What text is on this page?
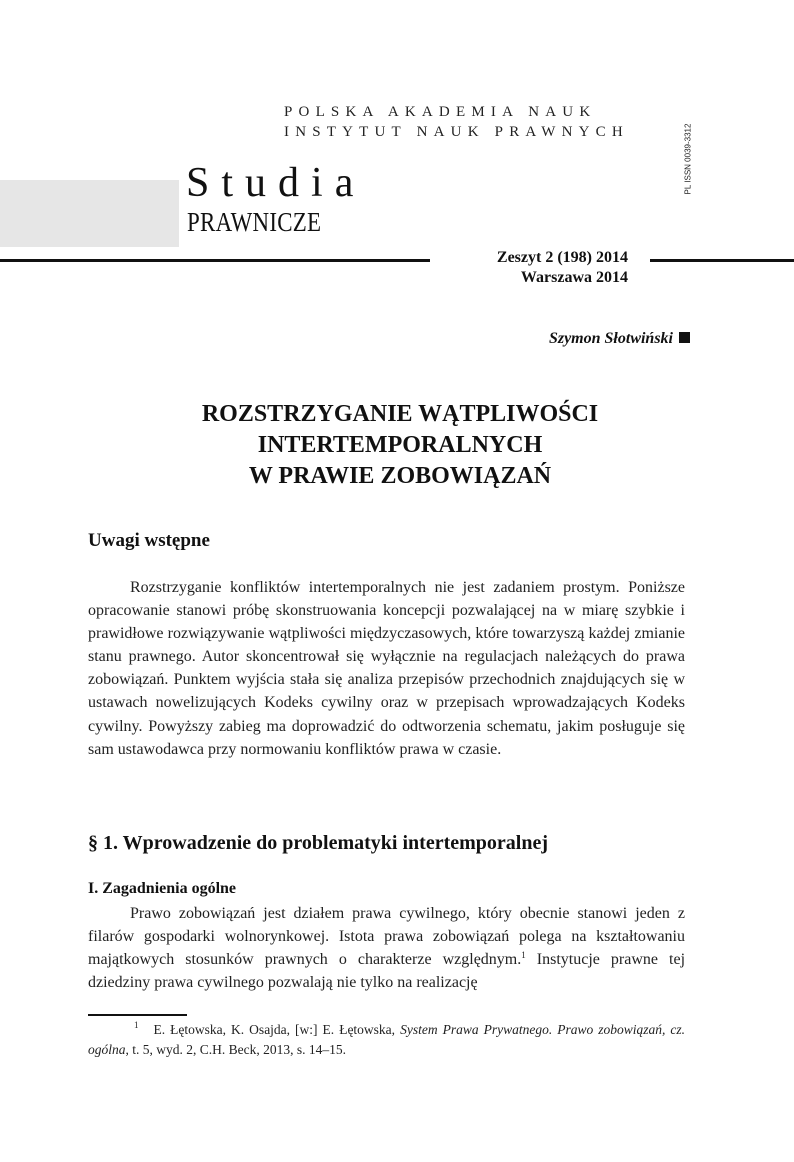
POLSKA AKADEMIA NAUK
INSTYTUT NAUK PRAWNYCH	PL ISSN 0039-3312
Studia
PRAWNICZE
Zeszyt 2 (198) 2014
Warszawa 2014
Szymon Słotwiński
ROZSTRZYGANIE WĄTPLIWOŚCI
INTERTEMPORALNYCH
W PRAWIE ZOBOWIĄZAŃ
Uwagi wstępne

Rozstrzyganie konfliktów intertemporalnych nie jest zadaniem prostym. Poniższe opracowanie stanowi próbę skonstruowania koncepcji pozwalającej na w miarę szybkie i prawidłowe rozwiązywanie wątpliwości międzyczasowych, które towarzyszą każdej zmianie stanu prawnego. Autor skoncentrował się wyłącznie na regulacjach należących do prawa zobowiązań. Punktem wyjścia stała się analiza przepisów przechodnich znajdujących się w ustawach nowelizujących Kodeks cywilny oraz w przepisach wprowadzających Kodeks cywilny. Powyższy zabieg ma doprowadzić do odtworzenia schematu, jakim posługuje się sam ustawodawca przy normowaniu konfliktów prawa w czasie.

§ 1. Wprowadzenie do problematyki intertemporalnej
I. Zagadnienia ogólne

Prawo zobowiązań jest działem prawa cywilnego, który obecnie stanowi jeden z filarów gospodarki wolnorynkowej. Istota prawa zobowiązań polega na kształtowaniu majątkowych stosunków prawnych o charakterze względnym.$^1$ Instytucje prawne tej dziedziny prawa cywilnego pozwalają nie tylko na realizację

$^1$ E. Łętowska, K. Osajda, [w:] E. Łętowska, System Prawa Prywatnego. Prawo zobowiązań, cz. ogólna, t. 5, wyd. 2, C.H. Beck, 2013, s. 14–15.
